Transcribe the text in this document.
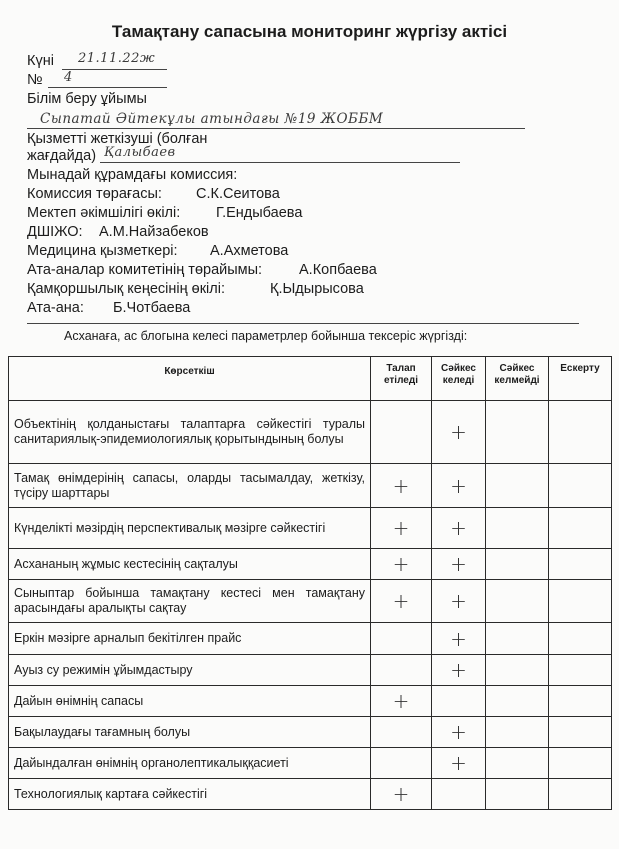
Тамақтану сапасына мониторинг жүргізу актісі
Күні 21.11.22ж
№ 4
Білім беру ұйымы
Сыпатай Әйтекұлы атындағы №19 ЖОББМ
Қызметті жеткізуші (болған
жағдайда) Қалыбаев
Мынадай құрамдағы комиссия:
Комиссия төрағасы: С.К.Сеитова
Мектеп әкімшілігі өкілі: Г.Ендыбаева
ДШІЖО: А.М.Найзабеков
Медицина қызметкері: А.Ахметова
Ата-аналар комитетінің төрайымы:	А.Копбаева
Қамқоршылық кеңесінің өкілі:	Қ.Ыдырысова
Ата-ана: Б.Чотбаева
Асханаға, ас блогына келесі параметрлер бойынша тексеріс жүргізді:
Көрсеткіш	Талап етіледі	Сәйкес келеді	Сәйкес келмейді	Ескерту
Объектінің қолданыстағы талаптарға сәйкестігі туралы санитариялық-эпидемиологиялық қорытындының болуы		+		
Тамақ өнімдерінің сапасы, оларды тасымалдау, жеткізу, түсіру шарттары	+	+		
Күнделікті мәзірдің перспективалық мәзірге сәйкестігі	+	+		
Асхананың жұмыс кестесінің сақталуы	+	+		
Сыныптар бойынша тамақтану кестесі мен тамақтану арасындағы аралықты сақтау	+	+		
Еркін мәзірге арналып бекітілген прайс		+		
Ауыз су режимін ұйымдастыру		+		
Дайын өнімнің сапасы	+			
Бақылаудағы тағамның болуы		+		
Дайындалған өнімнің органолептикалыққасиеті		+		
Технологиялық картаға сәйкестігі	+			
